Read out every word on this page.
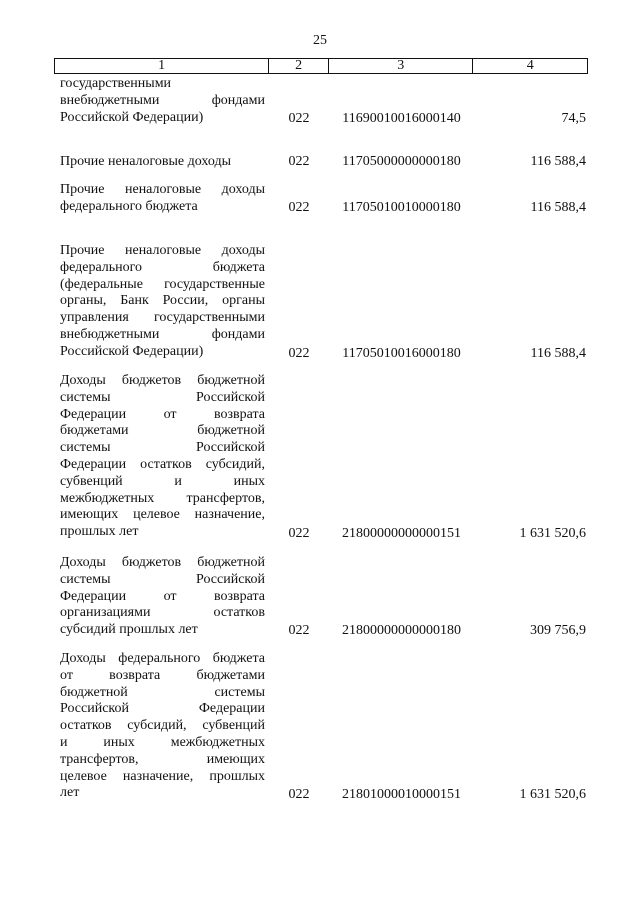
25
1	2	3	4
государственными
внебюджетными фондами
Российской Федерации)	022	11690010016000140	74,5
Прочие неналоговые доходы	022	11705000000000180	116 588,4
Прочие неналоговые доходы
федерального бюджета	022	11705010010000180	116 588,4
Прочие неналоговые доходы
федерального бюджета
(федеральные государственные
органы, Банк России, органы
управления государственными
внебюджетными фондами
Российской Федерации)	022	11705010016000180	116 588,4
Доходы бюджетов бюджетной
системы Российской
Федерации от возврата
бюджетами бюджетной
системы Российской
Федерации остатков субсидий,
субвенций и иных
межбюджетных трансфертов,
имеющих целевое назначение,
прошлых лет	022	21800000000000151	1 631 520,6
Доходы бюджетов бюджетной
системы Российской
Федерации от возврата
организациями остатков
субсидий прошлых лет	022	21800000000000180	309 756,9
Доходы федерального бюджета
от возврата бюджетами
бюджетной системы
Российской Федерации
остатков субсидий, субвенций
и иных межбюджетных
трансфертов, имеющих
целевое назначение, прошлых
лет	022	21801000010000151	1 631 520,6
